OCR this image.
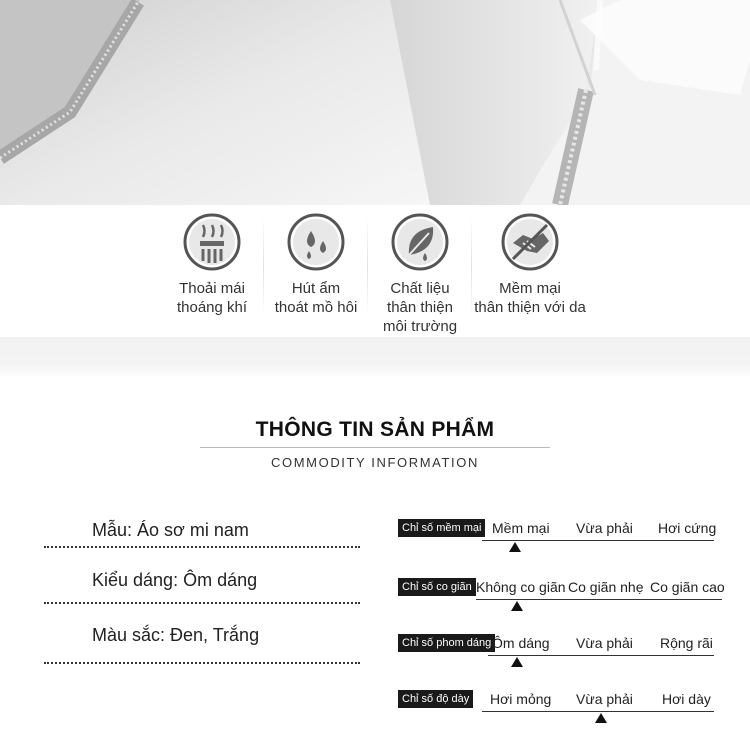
Thoải mái
thoáng khí
Hút ẩm
thoát mồ hôi
Chất liệu
thân thiện
môi trường
Mềm mại
thân thiện với da
THÔNG TIN SẢN PHẨM
COMMODITY INFORMATION
Mẫu: Áo sơ mi nam
Kiểu dáng: Ôm dáng
Màu sắc: Đen, Trắng
Chỉ số mềm mại Mềm mại Vừa phải Hơi cứng
Chỉ số co giãn Không co giãn Co giãn nhẹ Co giãn cao
Chỉ số phom dáng Ôm dáng Vừa phải Rộng rãi
Chỉ số độ dày Hơi mỏng Vừa phải Hơi dày
